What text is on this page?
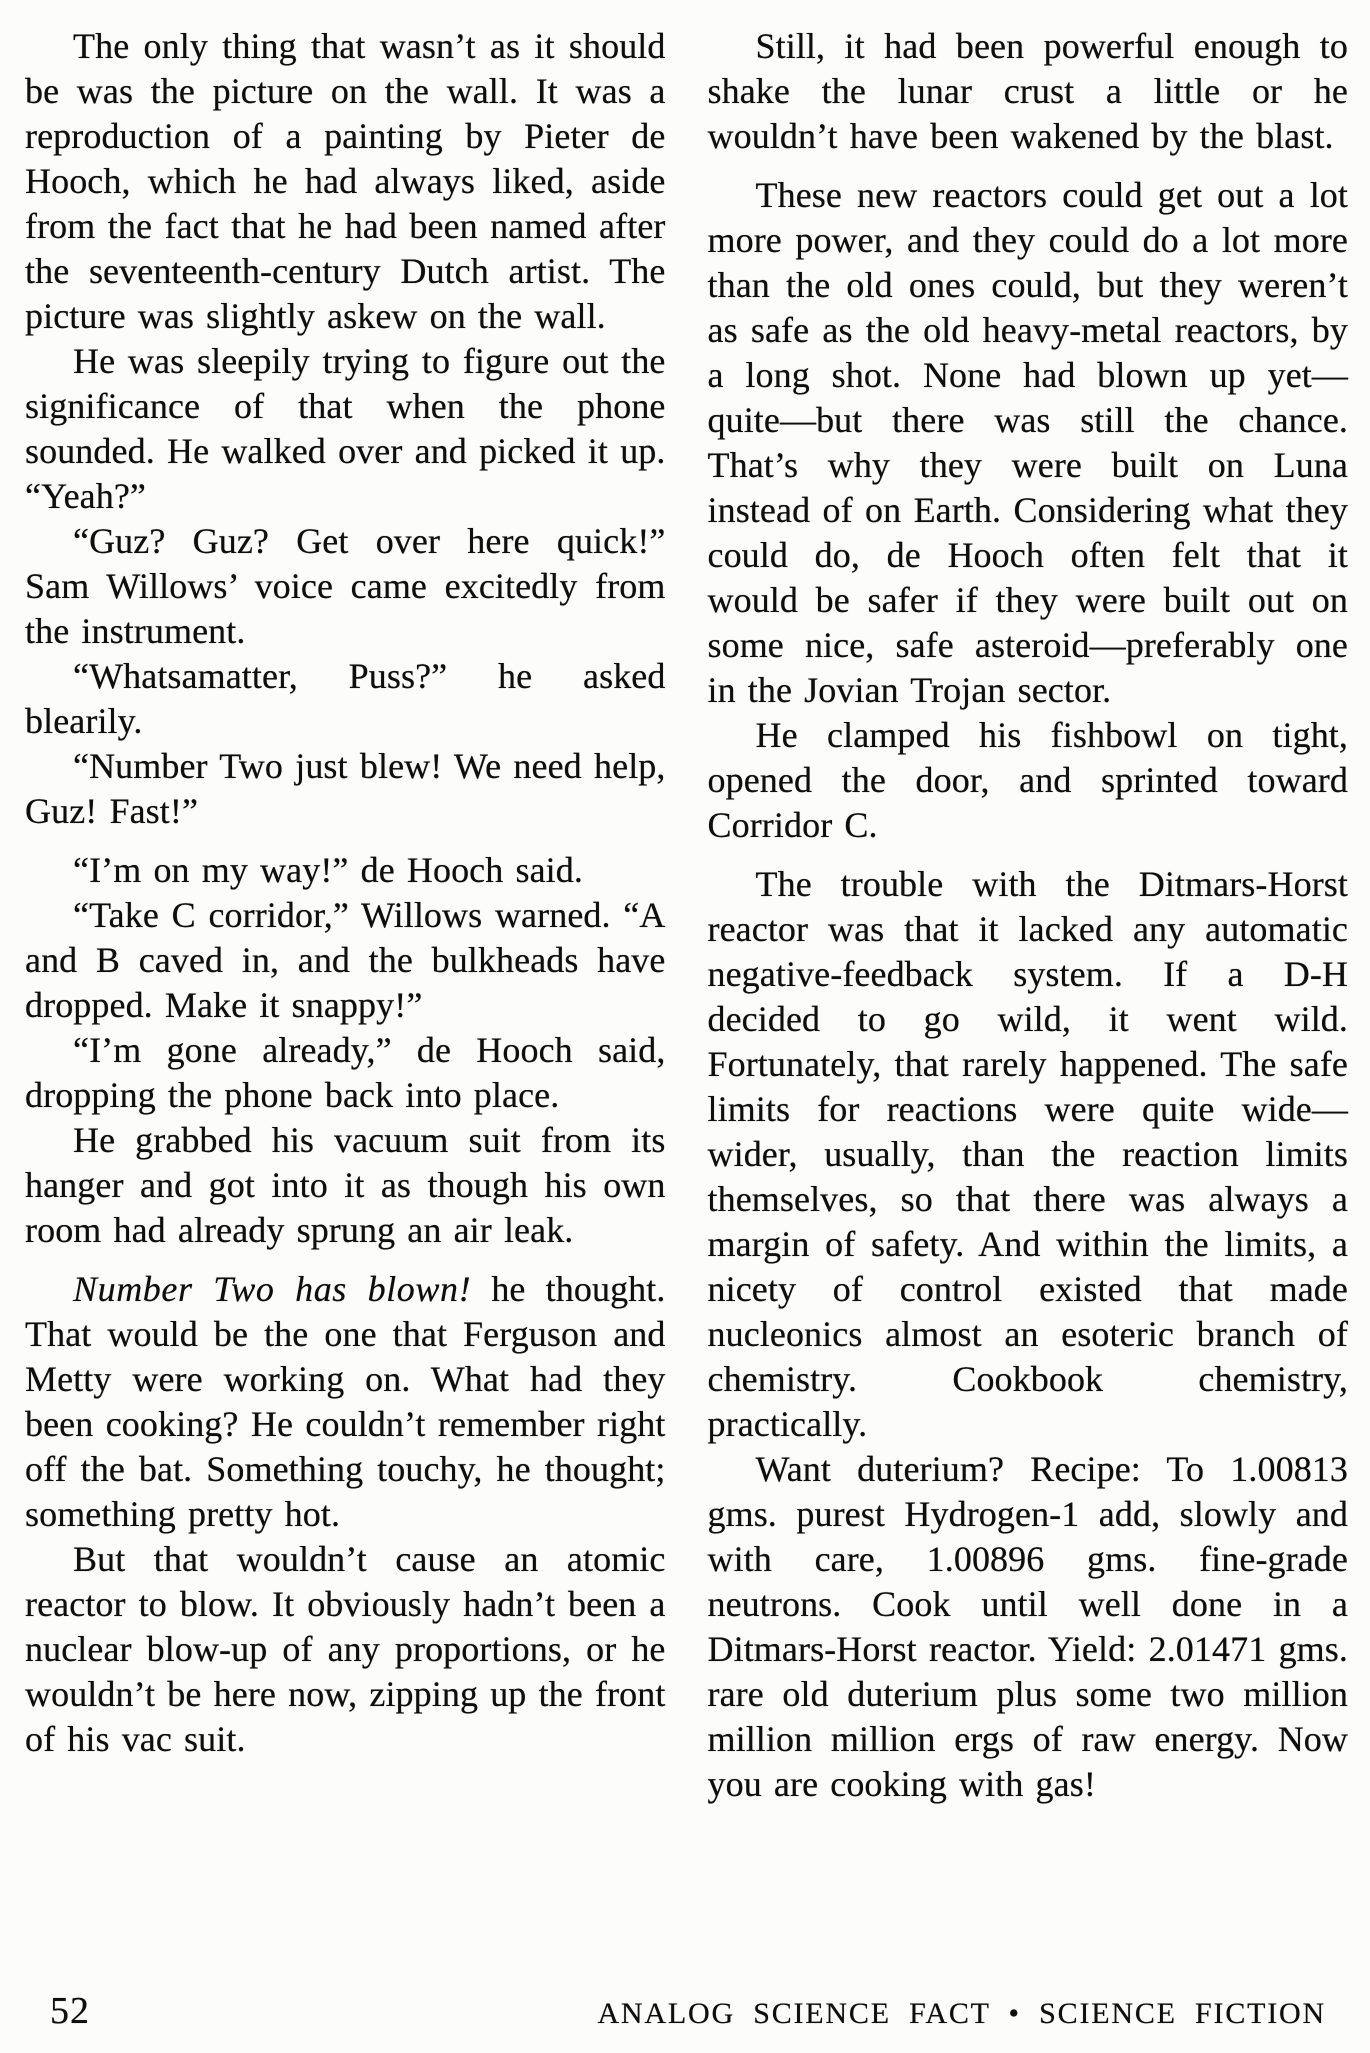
The only thing that wasn’t as it should be was the picture on the wall. It was a reproduction of a painting by Pieter de Hooch, which he had always liked, aside from the fact that he had been named after the seventeenth-century Dutch artist. The picture was slightly askew on the wall.

He was sleepily trying to figure out the significance of that when the phone sounded. He walked over and picked it up. “Yeah?”

“Guz? Guz? Get over here quick!” Sam Willows’ voice came excitedly from the instrument.

“Whatsamatter, Puss?” he asked blearily.

“Number Two just blew! We need help, Guz! Fast!”

“I’m on my way!” de Hooch said.

“Take C corridor,” Willows warned. “A and B caved in, and the bulkheads have dropped. Make it snappy!”

“I’m gone already,” de Hooch said, dropping the phone back into place.

He grabbed his vacuum suit from its hanger and got into it as though his own room had already sprung an air leak.

Number Two has blown! he thought. That would be the one that Ferguson and Metty were working on. What had they been cooking? He couldn’t remember right off the bat. Something touchy, he thought; something pretty hot.

But that wouldn’t cause an atomic reactor to blow. It obviously hadn’t been a nuclear blow-up of any proportions, or he wouldn’t be here now, zipping up the front of his vac suit.

Still, it had been powerful enough to shake the lunar crust a little or he wouldn’t have been wakened by the blast.

These new reactors could get out a lot more power, and they could do a lot more than the old ones could, but they weren’t as safe as the old heavy-metal reactors, by a long shot. None had blown up yet—quite—but there was still the chance. That’s why they were built on Luna instead of on Earth. Considering what they could do, de Hooch often felt that it would be safer if they were built out on some nice, safe asteroid—preferably one in the Jovian Trojan sector.

He clamped his fishbowl on tight, opened the door, and sprinted toward Corridor C.

The trouble with the Ditmars-Horst reactor was that it lacked any automatic negative-feedback system. If a D-H decided to go wild, it went wild. Fortunately, that rarely happened. The safe limits for reactions were quite wide—wider, usually, than the reaction limits themselves, so that there was always a margin of safety. And within the limits, a nicety of control existed that made nucleonics almost an esoteric branch of chemistry. Cookbook chemistry, practically.

Want duterium? Recipe: To 1.00813 gms. purest Hydrogen-1 add, slowly and with care, 1.00896 gms. fine-grade neutrons. Cook until well done in a Ditmars-Horst reactor. Yield: 2.01471 gms. rare old duterium plus some two million million million ergs of raw energy. Now you are cooking with gas!

52	ANALOG SCIENCE FACT • SCIENCE FICTION
